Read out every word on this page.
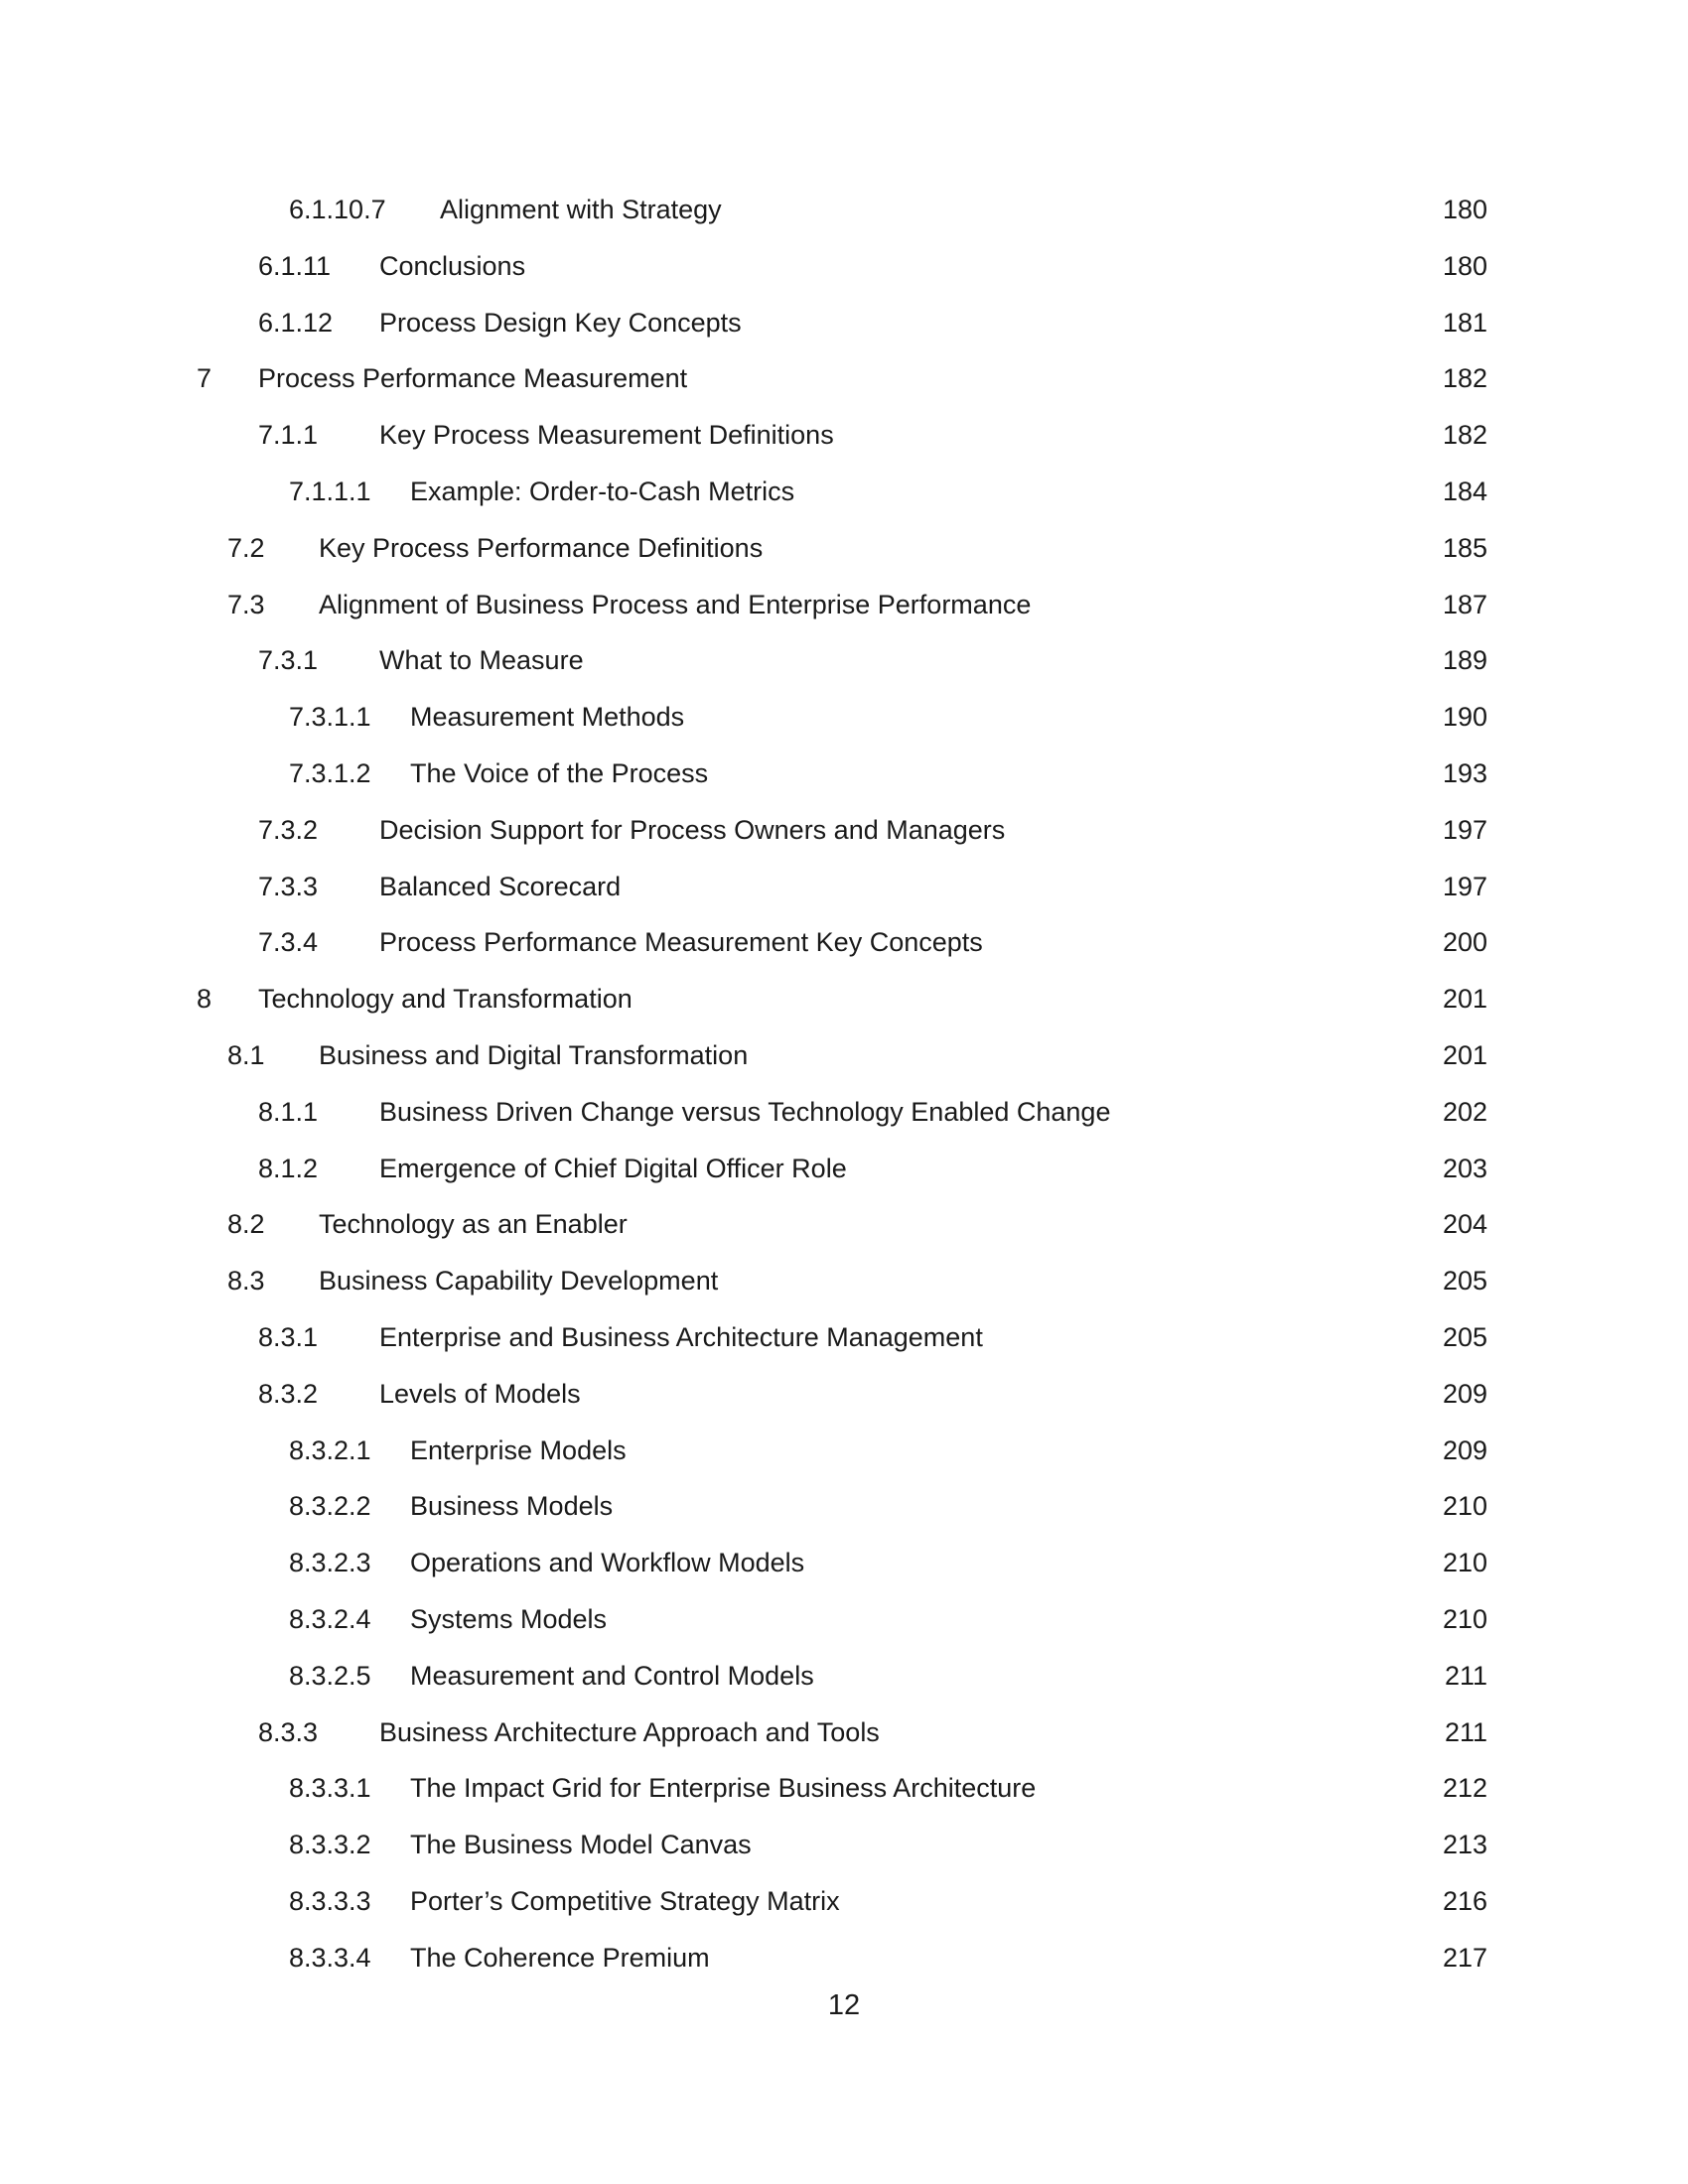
6.1.10.7 Alignment with Strategy	180
6.1.11 Conclusions	180
6.1.12 Process Design Key Concepts	181
7 Process Performance Measurement	182
7.1.1 Key Process Measurement Definitions	182
7.1.1.1 Example: Order-to-Cash Metrics	184
7.2 Key Process Performance Definitions	185
7.3 Alignment of Business Process and Enterprise Performance	187
7.3.1 What to Measure	189
7.3.1.1 Measurement Methods	190
7.3.1.2 The Voice of the Process	193
7.3.2 Decision Support for Process Owners and Managers	197
7.3.3 Balanced Scorecard	197
7.3.4 Process Performance Measurement Key Concepts	200
8 Technology and Transformation	201
8.1 Business and Digital Transformation	201
8.1.1 Business Driven Change versus Technology Enabled Change	202
8.1.2 Emergence of Chief Digital Officer Role	203
8.2 Technology as an Enabler	204
8.3 Business Capability Development	205
8.3.1 Enterprise and Business Architecture Management	205
8.3.2 Levels of Models	209
8.3.2.1 Enterprise Models	209
8.3.2.2 Business Models	210
8.3.2.3 Operations and Workflow Models	210
8.3.2.4 Systems Models	210
8.3.2.5 Measurement and Control Models	211
8.3.3 Business Architecture Approach and Tools	211
8.3.3.1 The Impact Grid for Enterprise Business Architecture	212
8.3.3.2 The Business Model Canvas	213
8.3.3.3 Porter’s Competitive Strategy Matrix	216
8.3.3.4 The Coherence Premium	217
12
